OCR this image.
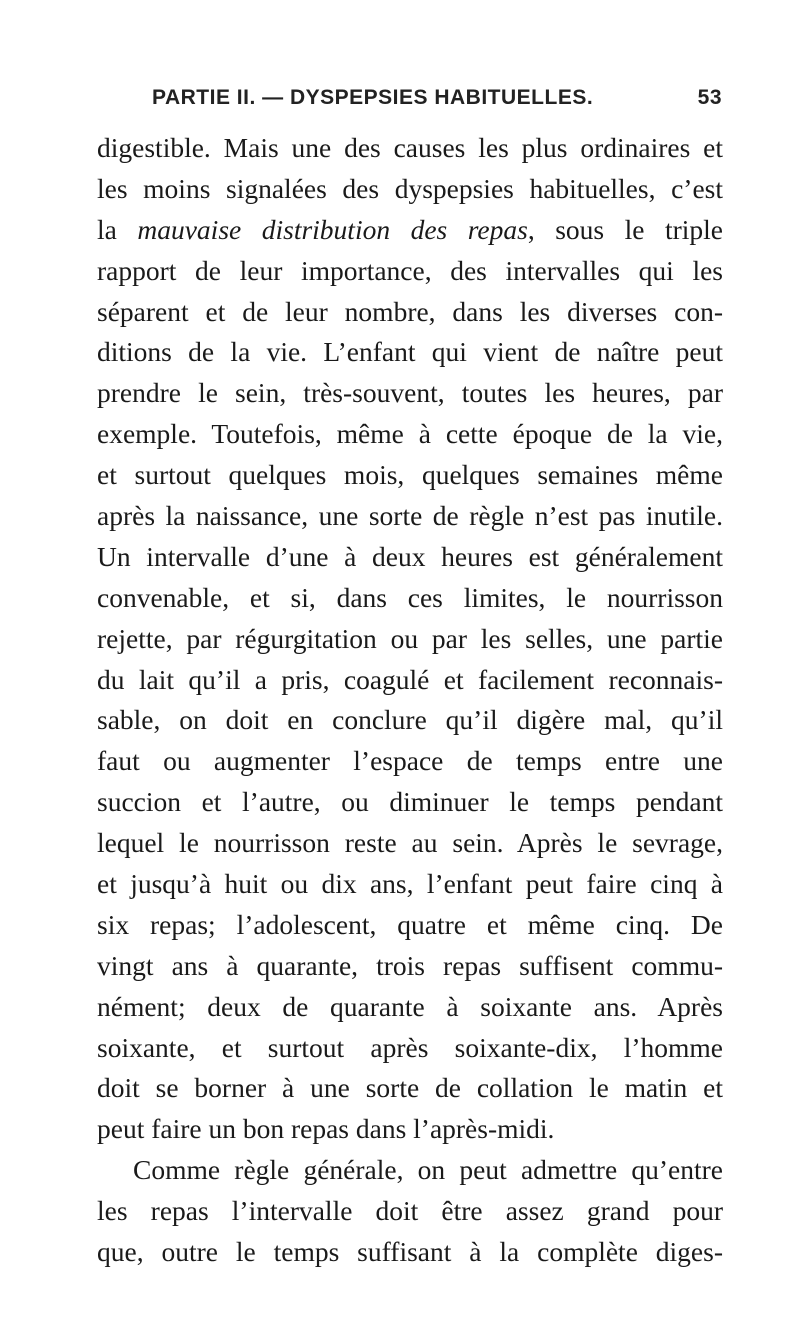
PARTIE II. — DYSPEPSIES HABITUELLES.	53
digestible. Mais une des causes les plus ordinaires et
les moins signalées des dyspepsies habituelles, c’est
la mauvaise distribution des repas, sous le triple
rapport de leur importance, des intervalles qui les
séparent et de leur nombre, dans les diverses con-
ditions de la vie. L’enfant qui vient de naître peut
prendre le sein, très-souvent, toutes les heures, par
exemple. Toutefois, même à cette époque de la vie,
et surtout quelques mois, quelques semaines même
après la naissance, une sorte de règle n’est pas inutile.
Un intervalle d’une à deux heures est généralement
convenable, et si, dans ces limites, le nourrisson
rejette, par régurgitation ou par les selles, une partie
du lait qu’il a pris, coagulé et facilement reconnais-
sable, on doit en conclure qu’il digère mal, qu’il
faut ou augmenter l’espace de temps entre une
succion et l’autre, ou diminuer le temps pendant
lequel le nourrisson reste au sein. Après le sevrage,
et jusqu’à huit ou dix ans, l’enfant peut faire cinq à
six repas; l’adolescent, quatre et même cinq. De
vingt ans à quarante, trois repas suffisent commu-
nément; deux de quarante à soixante ans. Après
soixante, et surtout après soixante-dix, l’homme
doit se borner à une sorte de collation le matin et
peut faire un bon repas dans l’après-midi.
Comme règle générale, on peut admettre qu’entre
les repas l’intervalle doit être assez grand pour
que, outre le temps suffisant à la complète diges-
